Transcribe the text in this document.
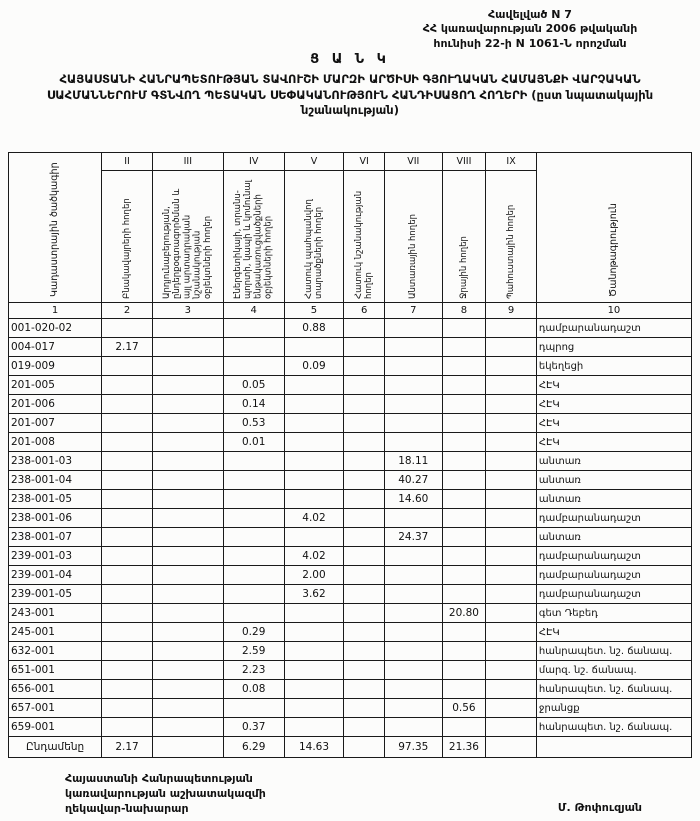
Հավելված N 7
ՀՀ կառավարության 2006 թվականի
հունիսի 22-ի N 1061-Ն որոշման
Ց Ա Ն Կ
ՀԱՅԱՍՏԱՆԻ ՀԱՆՐԱՊԵՏՈՒԹՅԱՆ ՏԱՎՈՒՇԻ ՄԱՐԶԻ ԱՐԾԻՍԻ ԳՅՈՒՂԱԿԱՆ ՀԱՄԱՅՆՔԻ ՎԱՐՉԱԿԱՆ ՍԱՀՄԱՆՆԵՐՈՒՄ ԳՏՆՎՈՂ ՊԵՏԱԿԱՆ ՍԵՓԱԿԱՆՈՒԹՅՈՒՆ ՀԱՆԴԻՍԱՑՈՂ ՀՈՂԵՐԻ (ըստ նպատակային նշանակության)
Կադաստրային ծածկագիր	II	III	IV	V	VI	VII	VIII	IX	Ծանոթագրություն

	Բնակավայրերի հողեր	Արդյունաբերության, ընդերքօգտագործման և այլ արտադրական նշանակության օբյեկտների հողեր	Էներգետիկայի, տրանսպորտի, կապի և կոմունալ ենթակառուցվածքների օբյեկտների հողեր	Հատուկ պահպանվող տարածքների հողեր	Հատուկ նշանակության հողեր	Անտառային հողեր	Ջրային հողեր	Պահուստային հողեր	

1	2	3	4	5	6	7	8	9	10
001-020-02				0.88					դամբարանադաշտ
004-017	2.17								դպրոց
019-009				0.09					եկեղեցի
201-005			0.05						ՀԷԿ
201-006			0.14						ՀԷԿ
201-007			0.53						ՀԷԿ
201-008			0.01						ՀԷԿ
238-001-03						18.11			անտառ
238-001-04						40.27			անտառ
238-001-05						14.60			անտառ
238-001-06				4.02					դամբարանադաշտ
238-001-07						24.37			անտառ
239-001-03				4.02					դամբարանադաշտ
239-001-04				2.00					դամբարանադաշտ
239-001-05				3.62					դամբարանադաշտ
243-001							20.80		գետ Դեբեդ
245-001			0.29						ՀԷԿ
632-001			2.59						հանրապետ. նշ. ճանապ.
651-001			2.23						մարզ. նշ. ճանապ.
656-001			0.08						հանրապետ. նշ. ճանապ.
657-001							0.56		ջրանցք
659-001			0.37						հանրապետ. նշ. ճանապ.
Ընդամենը	2.17		6.29	14.63		97.35	21.36		
Հայաստանի Հանրապետության
կառավարության աշխատակազմի
ղեկավար-նախարար	Մ. Թոփուզյան
